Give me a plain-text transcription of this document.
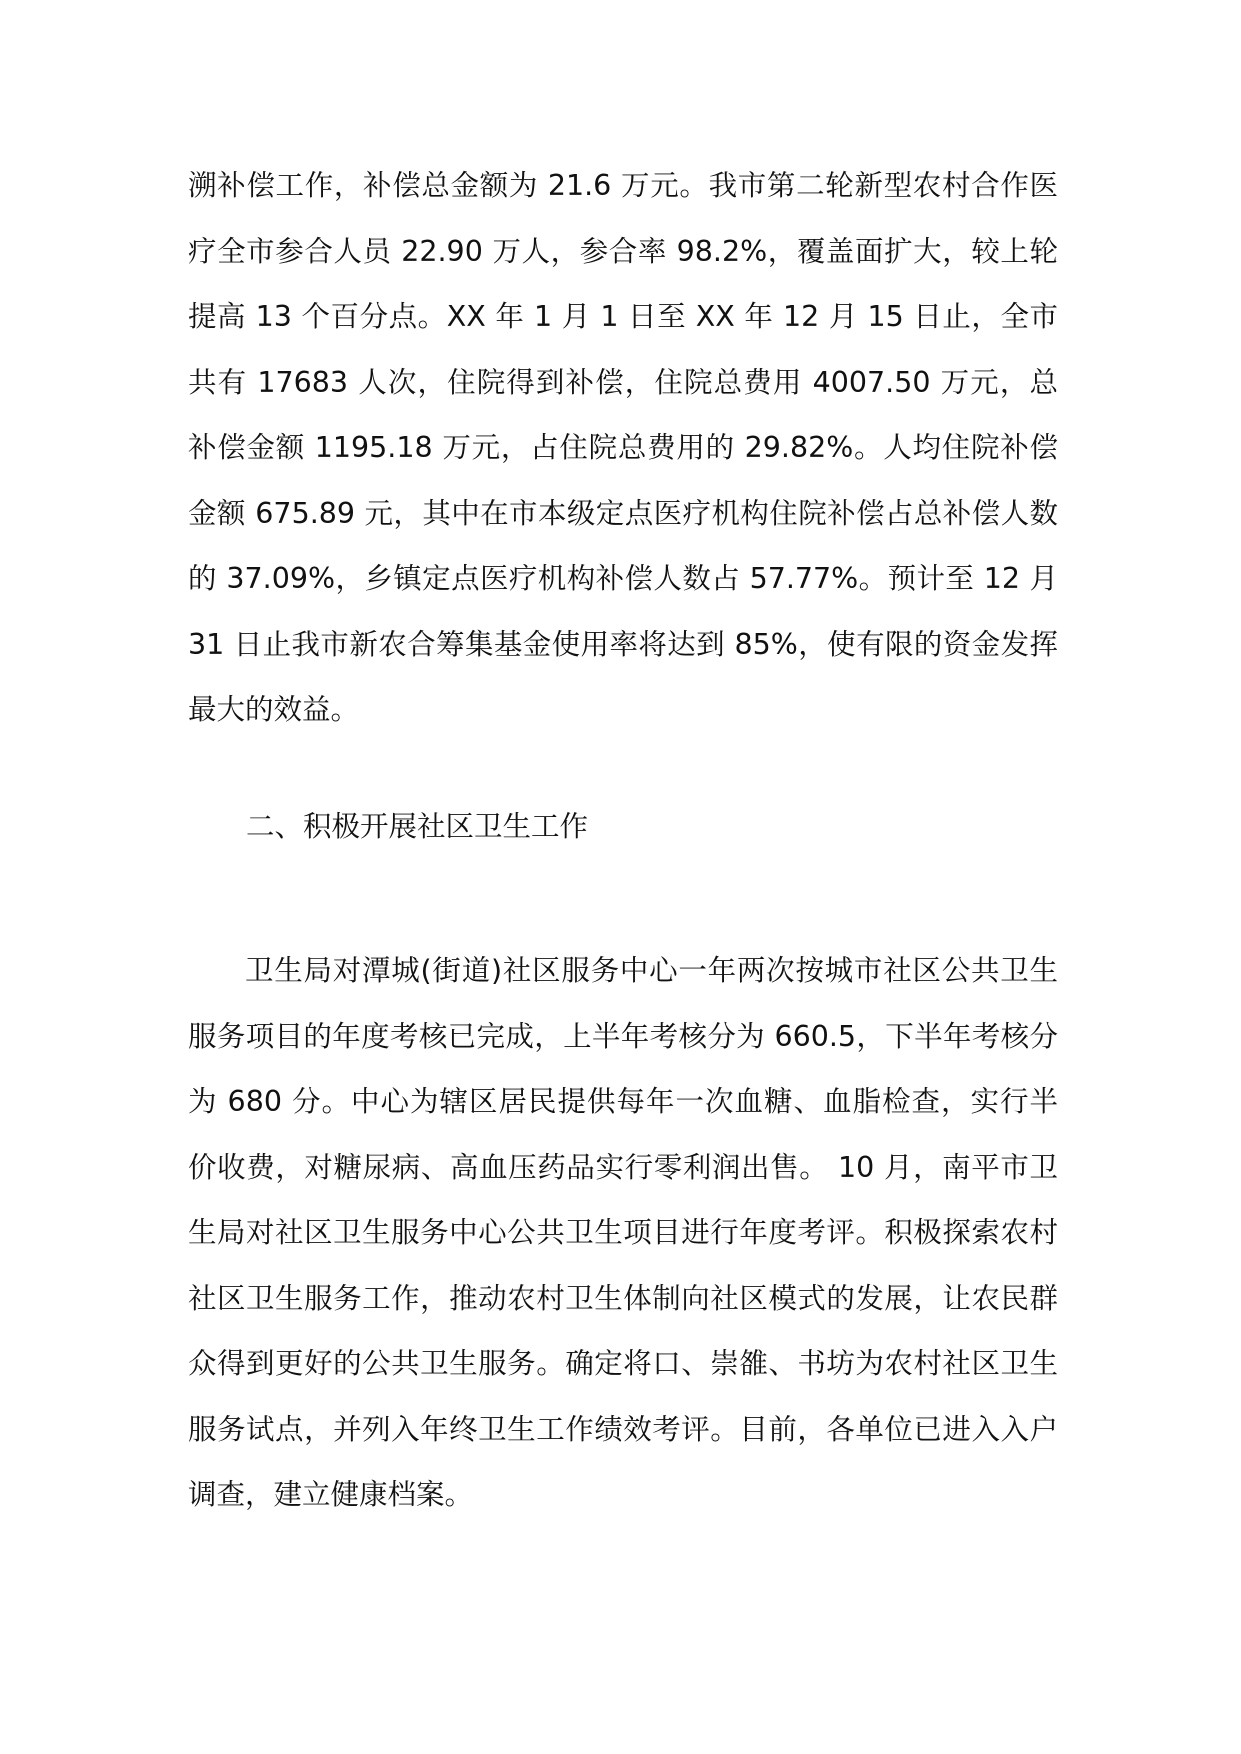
溯补偿工作，补偿总金额为 21.6 万元。我市第二轮新型农村合作医疗全市参合人员 22.90 万人，参合率 98.2%，覆盖面扩大，较上轮提高 13 个百分点。XX 年 1 月 1 日至 XX 年 12 月 15 日止，全市共有 17683 人次，住院得到补偿，住院总费用 4007.50 万元，总补偿金额 1195.18 万元，占住院总费用的 29.82%。人均住院补偿金额 675.89 元，其中在市本级定点医疗机构住院补偿占总补偿人数的 37.09%，乡镇定点医疗机构补偿人数占 57.77%。预计至 12 月 31 日止我市新农合筹集基金使用率将达到 85%，使有限的资金发挥最大的效益。

二、积极开展社区卫生工作

卫生局对潭城(街道)社区服务中心一年两次按城市社区公共卫生服务项目的年度考核已完成，上半年考核分为 660.5，下半年考核分为 680 分。中心为辖区居民提供每年一次血糖、血脂检查，实行半价收费，对糖尿病、高血压药品实行零利润出售。 10 月，南平市卫生局对社区卫生服务中心公共卫生项目进行年度考评。积极探索农村社区卫生服务工作，推动农村卫生体制向社区模式的发展，让农民群众得到更好的公共卫生服务。确定将口、崇雒、书坊为农村社区卫生服务试点，并列入年终卫生工作绩效考评。目前，各单位已进入入户调查，建立健康档案。
